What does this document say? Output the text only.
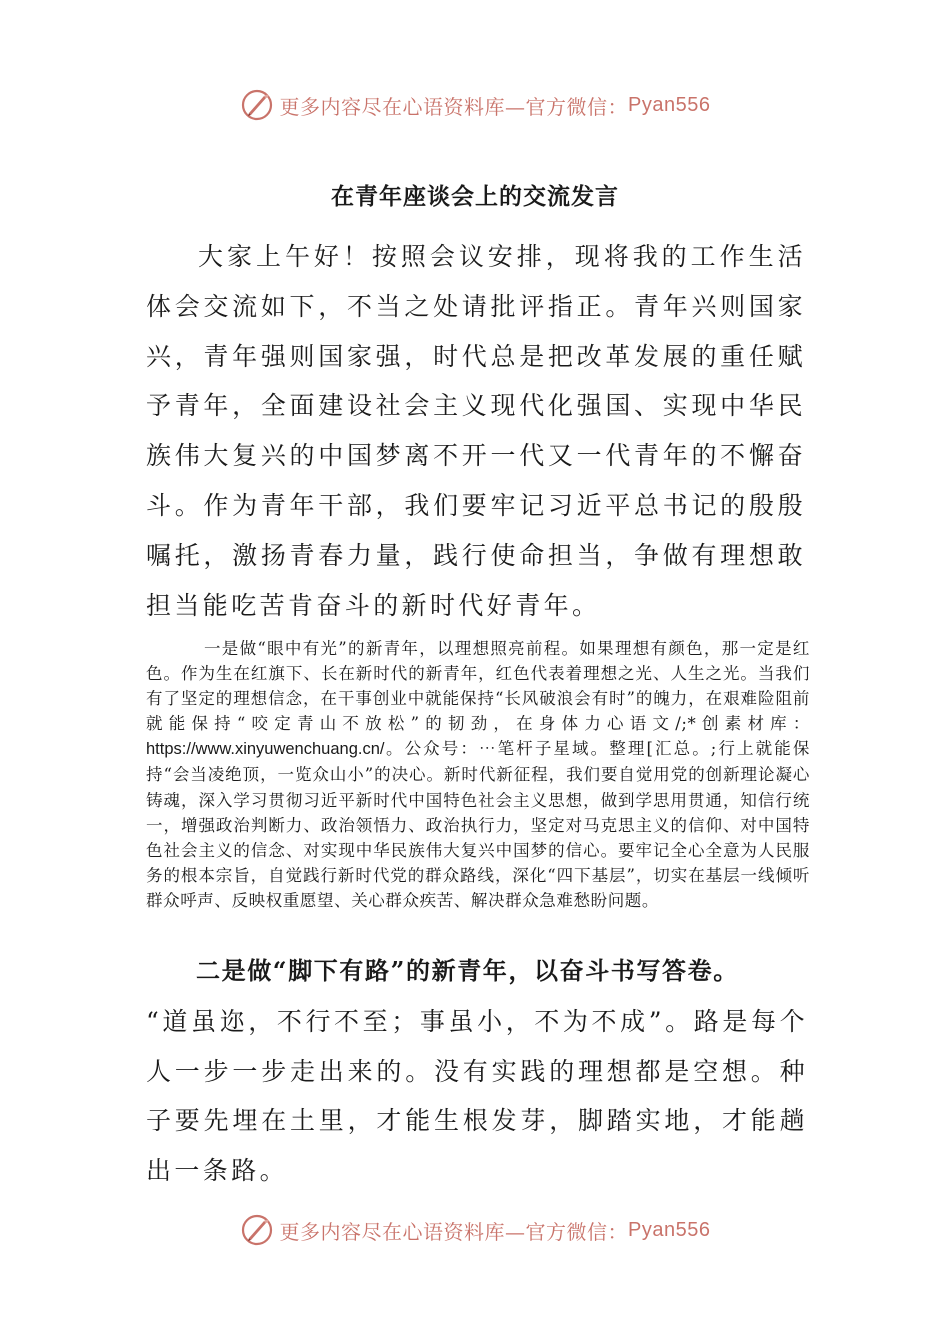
更多内容尽在心语资料库—官方微信： Pyan556
在青年座谈会上的交流发言

大家上午好！按照会议安排，现将我的工作生活体会交流如下，不当之处请批评指正。青年兴则国家兴，青年强则国家强，时代总是把改革发展的重任赋予青年，全面建设社会主义现代化强国、实现中华民族伟大复兴的中国梦离不开一代又一代青年的不懈奋斗。作为青年干部，我们要牢记习近平总书记的殷殷嘱托，激扬青春力量，践行使命担当，争做有理想敢担当能吃苦肯奋斗的新时代好青年。

一是做“眼中有光”的新青年，以理想照亮前程。如果理想有颜色，那一定是红色。作为生在红旗下、长在新时代的新青年，红色代表着理想之光、人生之光。当我们有了坚定的理想信念，在干事创业中就能保持“长风破浪会有时”的魄力，在艰难险阻前就能保持“咬定青山不放松”的韧劲，在身体力心语文/;*创素材库：https://www.xinyuwenchuang.cn/。公众号：⋯笔杆子星域。整理[汇总。;行上就能保持“会当凌绝顶，一览众山小”的决心。新时代新征程，我们要自觉用党的创新理论凝心铸魂，深入学习贯彻习近平新时代中国特色社会主义思想，做到学思用贯通，知信行统一，增强政治判断力、政治领悟力、政治执行力，坚定对马克思主义的信仰、对中国特色社会主义的信念、对实现中华民族伟大复兴中国梦的信心。要牢记全心全意为人民服务的根本宗旨，自觉践行新时代党的群众路线，深化“四下基层”，切实在基层一线倾听群众呼声、反映权重愿望、关心群众疾苦、解决群众急难愁盼问题。

二是做“脚下有路”的新青年，以奋斗书写答卷。

“道虽迩，不行不至；事虽小，不为不成”。路是每个人一步一步走出来的。没有实践的理想都是空想。种子要先埋在土里，才能生根发芽，脚踏实地，才能趟出一条路。

更多内容尽在心语资料库—官方微信： Pyan556
